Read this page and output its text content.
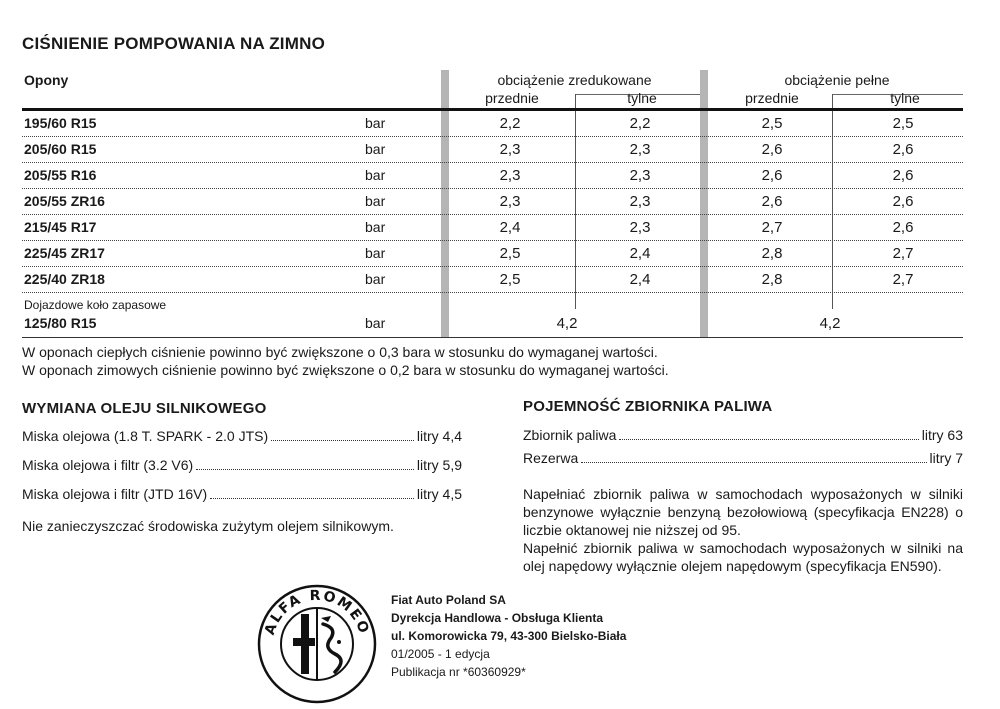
CIŚNIENIE POMPOWANIA NA ZIMNO
Opony	obciążenie zredukowane	obciążenie pełne
przednie	tylne	przednie	tylne
195/60 R15	bar	2,2	2,2	2,5	2,5
205/60 R15	bar	2,3	2,3	2,6	2,6
205/55 R16	bar	2,3	2,3	2,6	2,6
205/55 ZR16	bar	2,3	2,3	2,6	2,6
215/45 R17	bar	2,4	2,3	2,7	2,6
225/45 ZR17	bar	2,5	2,4	2,8	2,7
225/40 ZR18	bar	2,5	2,4	2,8	2,7
Dojazdowe koło zapasowe
125/80 R15	bar	4,2	4,2
W oponach ciepłych ciśnienie powinno być zwiększone o 0,3 bara w stosunku do wymaganej wartości.
W oponach zimowych ciśnienie powinno być zwiększone o 0,2 bara w stosunku do wymaganej wartości.
WYMIANA OLEJU SILNIKOWEGO
Miska olejowa (1.8 T. SPARK - 2.0 JTS)	litry 4,4
Miska olejowa i filtr (3.2 V6)	litry 5,9
Miska olejowa i filtr (JTD 16V)	litry 4,5
Nie zanieczyszczać środowiska zużytym olejem silnikowym.
POJEMNOŚĆ ZBIORNIKA PALIWA
Zbiornik paliwa	litry 63
Rezerwa	litry 7
Napełniać zbiornik paliwa w samochodach wyposażonych w silniki benzynowe wyłącznie benzyną bezołowiową (specyfikacja EN228) o liczbie oktanowej nie niższej od 95.
Napełnić zbiornik paliwa w samochodach wyposażonych w silniki na olej napędowy wyłącznie olejem napędowym (specyfikacja EN590).
ALFA ROMEO
Fiat Auto Poland SA
Dyrekcja Handlowa - Obsługa Klienta
ul. Komorowicka 79, 43-300 Bielsko-Biała
01/2005 - 1 edycja
Publikacja nr *60360929*
